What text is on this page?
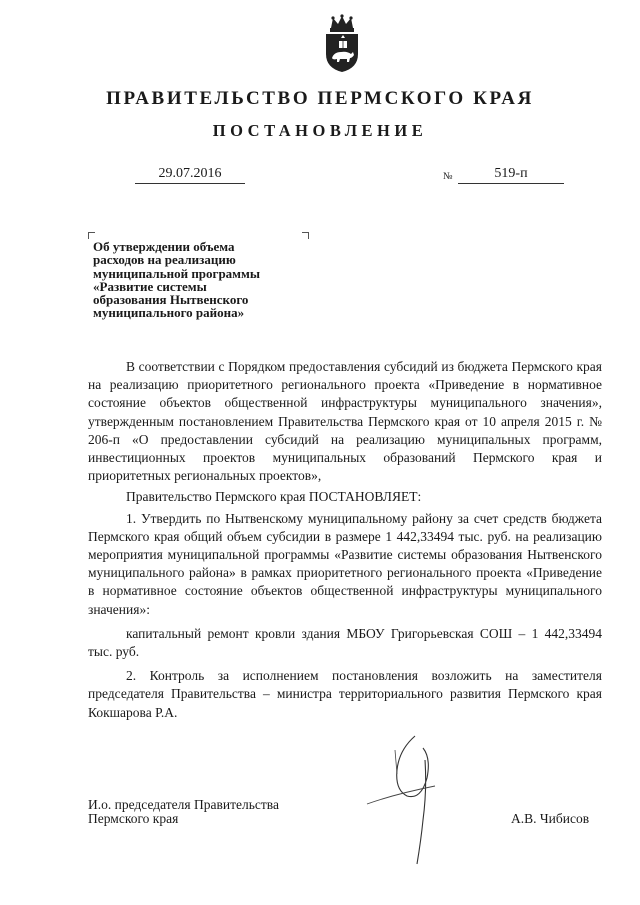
ПРАВИТЕЛЬСТВО ПЕРМСКОГО КРАЯ
ПОСТАНОВЛЕНИЕ
29.07.2016	№	519-п
Об утверждении объема
расходов на реализацию
муниципальной программы
«Развитие системы
образования Нытвенского
муниципального района»

В соответствии с Порядком предоставления субсидий из бюджета Пермского края на реализацию приоритетного регионального проекта «Приведение в нормативное состояние объектов общественной инфраструктуры муниципального значения», утвержденным постановлением Правительства Пермского края от 10 апреля 2015 г. № 206-п «О предоставлении субсидий на реализацию муниципальных программ, инвестиционных проектов муниципальных образований Пермского края и приоритетных региональных проектов»,

Правительство Пермского края ПОСТАНОВЛЯЕТ:

1. Утвердить по Нытвенскому муниципальному району за счет средств бюджета Пермского края общий объем субсидии в размере 1 442,33494 тыс. руб. на реализацию мероприятия муниципальной программы «Развитие системы образования Нытвенского муниципального района» в рамках приоритетного регионального проекта «Приведение в нормативное состояние объектов общественной инфраструктуры муниципального значения»:

капитальный ремонт кровли здания МБОУ Григорьевская СОШ – 1 442,33494 тыс. руб.

2. Контроль за исполнением постановления возложить на заместителя председателя Правительства – министра территориального развития Пермского края Кокшарова Р.А.

И.о. председателя Правительства
Пермского края	А.В. Чибисов
